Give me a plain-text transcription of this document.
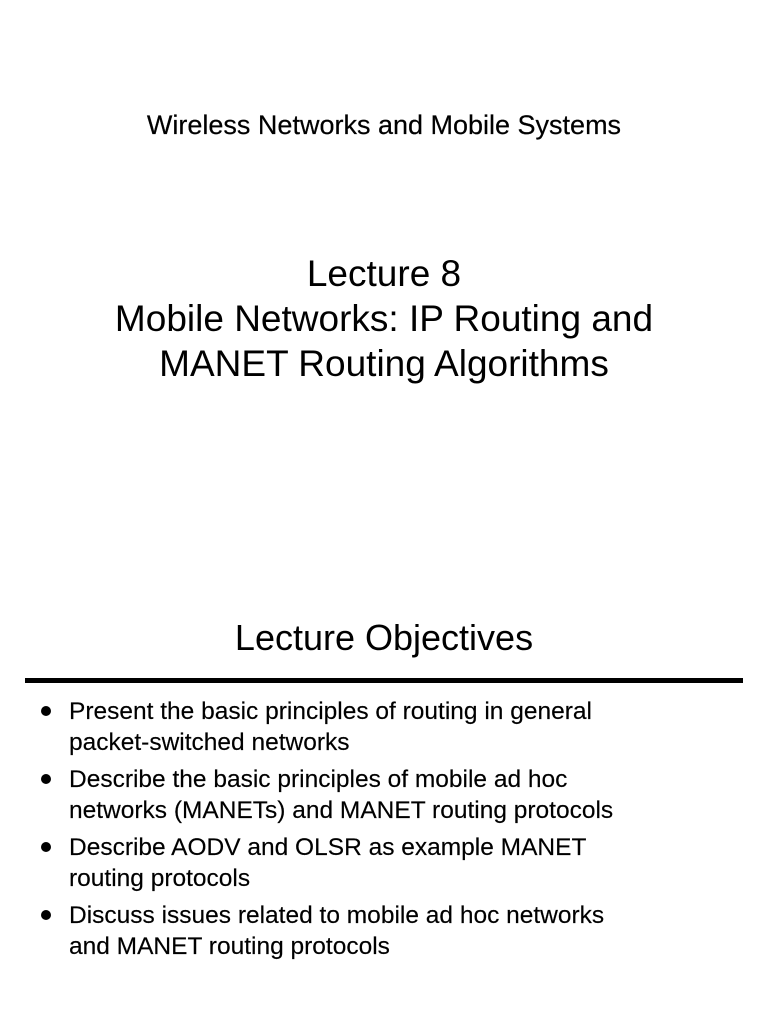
Wireless Networks and Mobile Systems
Lecture 8
Mobile Networks: IP Routing and
MANET Routing Algorithms
Lecture Objectives
Present the basic principles of routing in general
packet-switched networks
Describe the basic principles of mobile ad hoc
networks (MANETs) and MANET routing protocols
Describe AODV and OLSR as example MANET
routing protocols
Discuss issues related to mobile ad hoc networks
and MANET routing protocols
